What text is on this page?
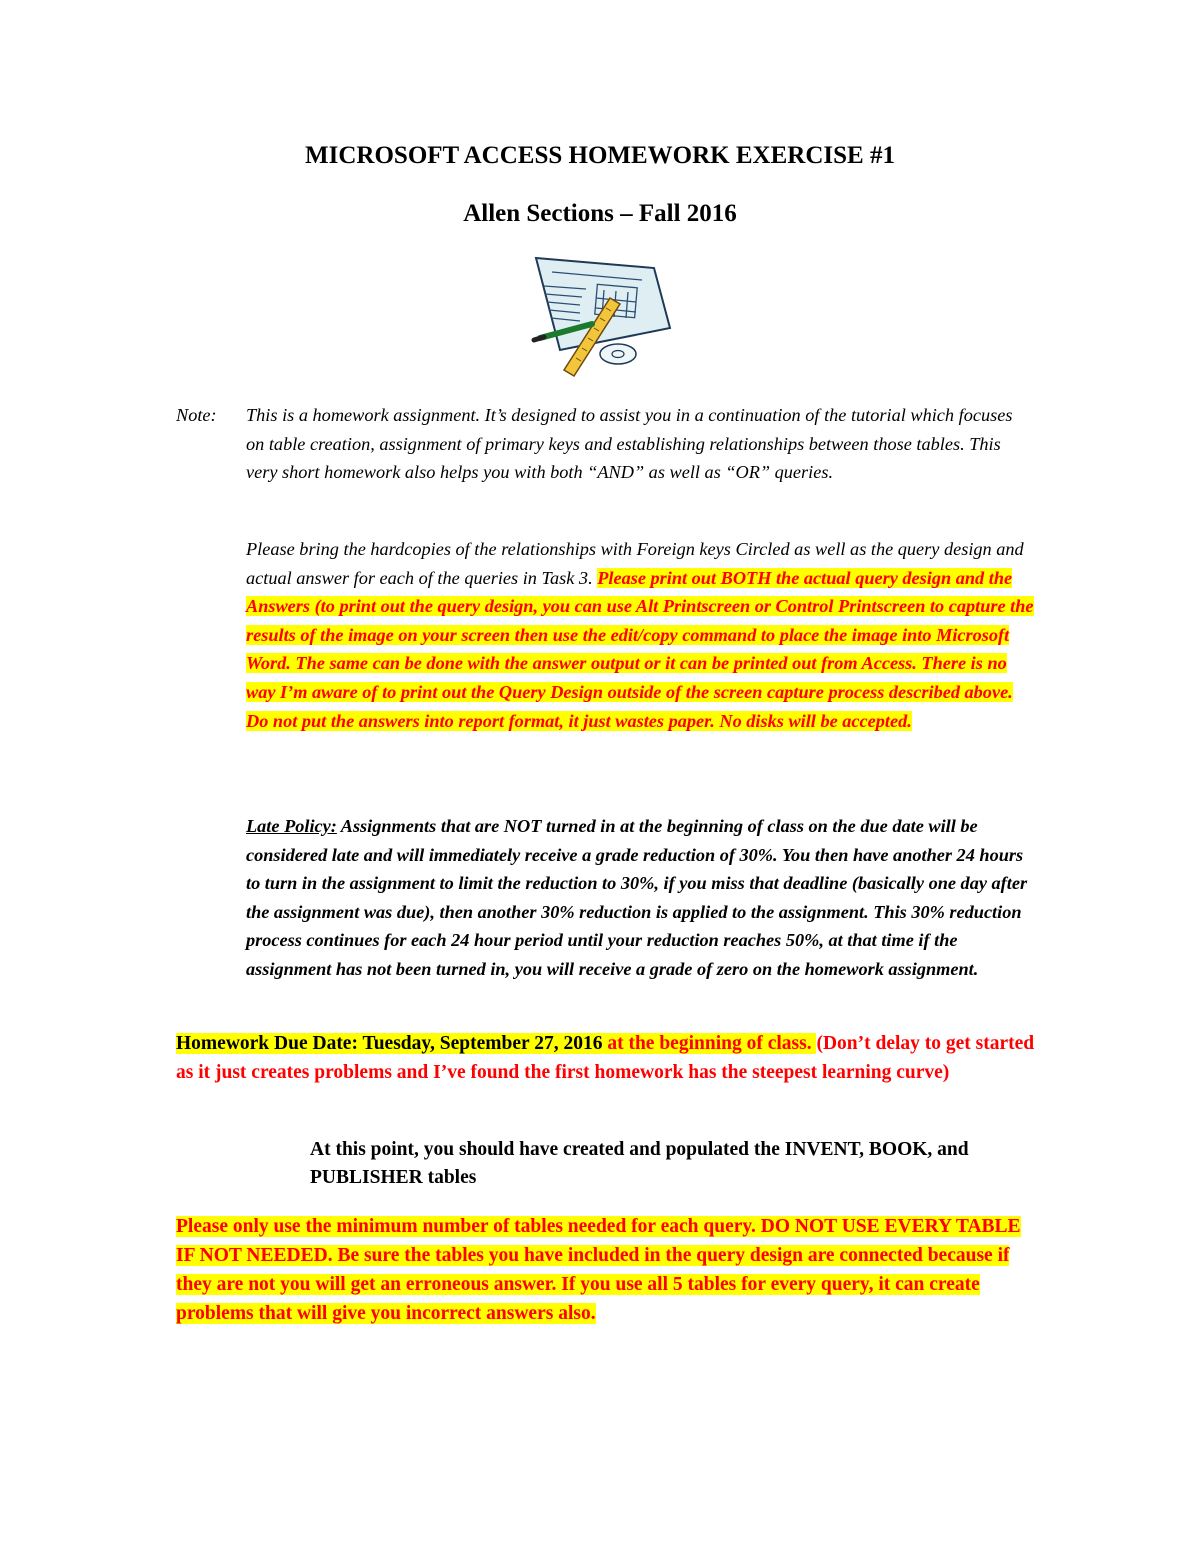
MICROSOFT ACCESS HOMEWORK EXERCISE #1
Allen Sections – Fall 2016
Note: This is a homework assignment. It’s designed to assist you in a continuation of the tutorial which focuses on table creation, assignment of primary keys and establishing relationships between those tables. This very short homework also helps you with both “AND” as well as “OR” queries.
Please bring the hardcopies of the relationships with Foreign keys Circled as well as the query design and actual answer for each of the queries in Task 3. Please print out BOTH the actual query design and the Answers (to print out the query design, you can use Alt Printscreen or Control Printscreen to capture the results of the image on your screen then use the edit/copy command to place the image into Microsoft Word. The same can be done with the answer output or it can be printed out from Access. There is no way I’m aware of to print out the Query Design outside of the screen capture process described above. Do not put the answers into report format, it just wastes paper. No disks will be accepted.
Late Policy: Assignments that are NOT turned in at the beginning of class on the due date will be considered late and will immediately receive a grade reduction of 30%. You then have another 24 hours to turn in the assignment to limit the reduction to 30%, if you miss that deadline (basically one day after the assignment was due), then another 30% reduction is applied to the assignment. This 30% reduction process continues for each 24 hour period until your reduction reaches 50%, at that time if the assignment has not been turned in, you will receive a grade of zero on the homework assignment.
Homework Due Date: Tuesday, September 27, 2016 at the beginning of class. (Don’t delay to get started as it just creates problems and I’ve found the first homework has the steepest learning curve)
At this point, you should have created and populated the INVENT, BOOK, and PUBLISHER tables
Please only use the minimum number of tables needed for each query. DO NOT USE EVERY TABLE IF NOT NEEDED. Be sure the tables you have included in the query design are connected because if they are not you will get an erroneous answer. If you use all 5 tables for every query, it can create problems that will give you incorrect answers also.
